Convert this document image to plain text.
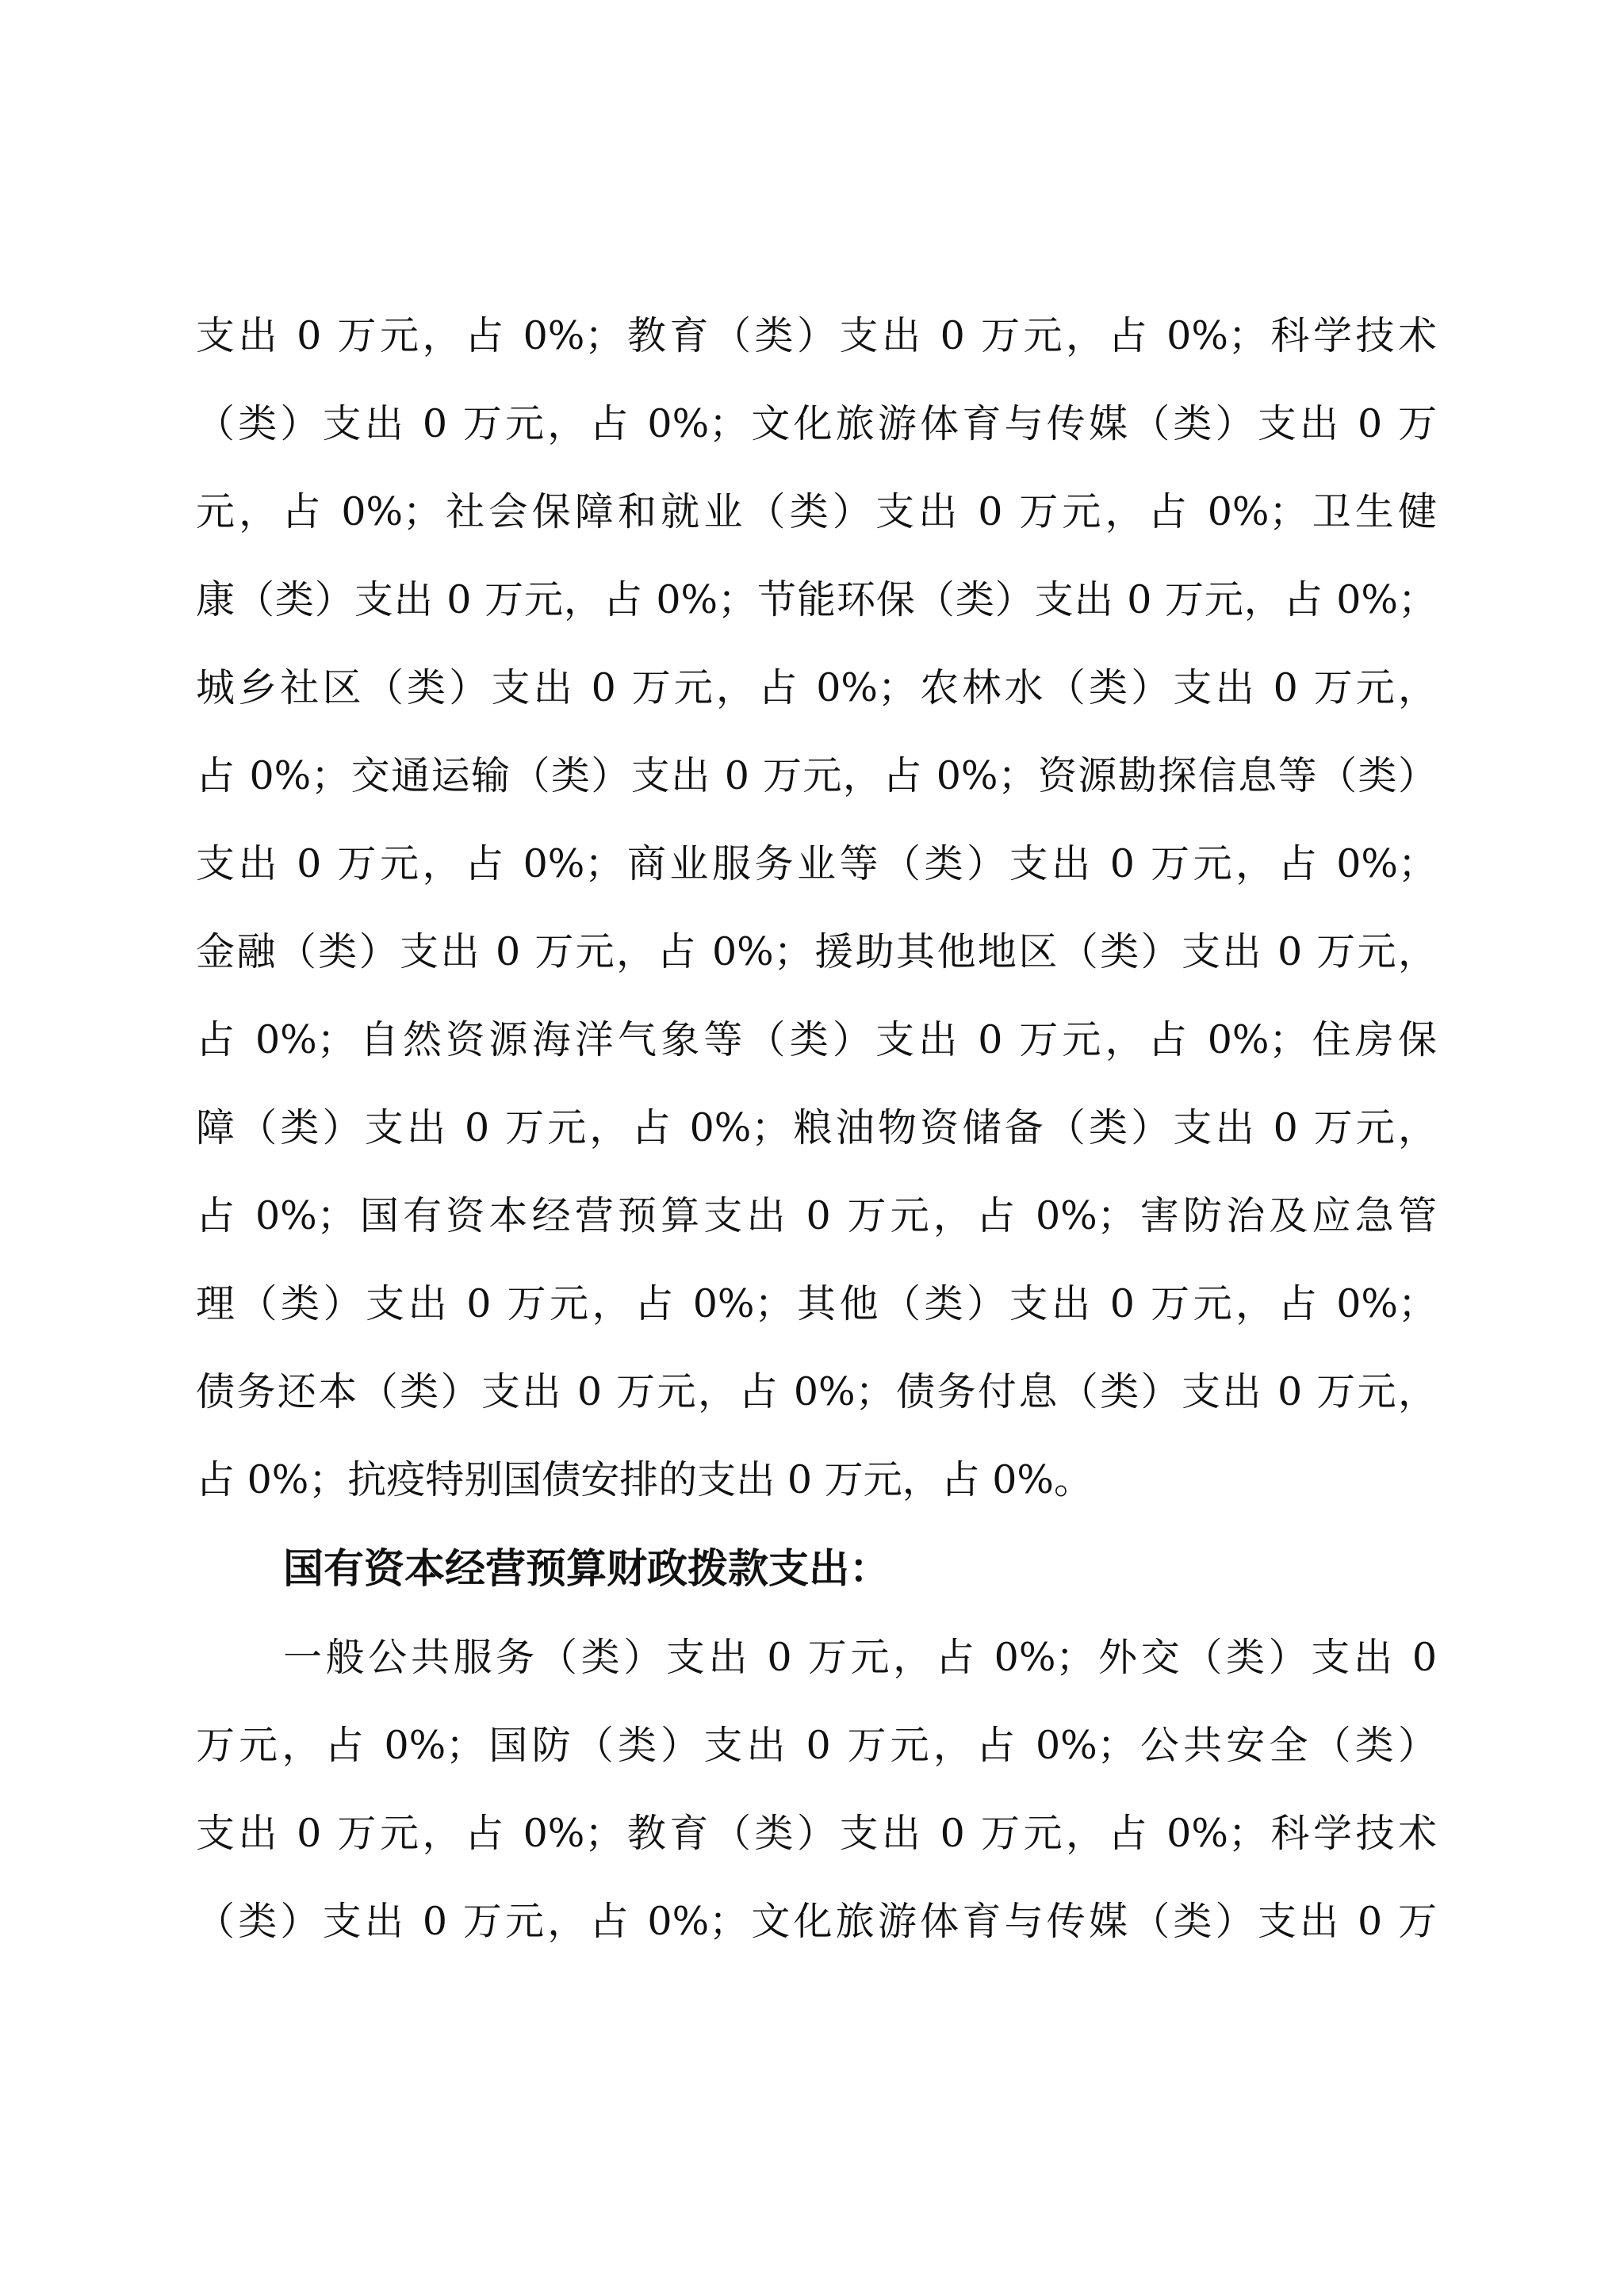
支出 0 万元，占 0%；教育（类）支出 0 万元，占 0%；科学技术
（类）支出 0 万元，占 0%；文化旅游体育与传媒（类）支出 0 万
元，占 0%；社会保障和就业（类）支出 0 万元，占 0%；卫生健
康（类）支出 0 万元，占 0%；节能环保（类）支出 0 万元，占 0%；
城乡社区（类）支出 0 万元，占 0%；农林水（类）支出 0 万元，
占 0%；交通运输（类）支出 0 万元，占 0%；资源勘探信息等（类）
支出 0 万元，占 0%；商业服务业等（类）支出 0 万元，占 0%；
金融（类）支出 0 万元，占 0%；援助其他地区（类）支出 0 万元，
占 0%；自然资源海洋气象等（类）支出 0 万元，占 0%；住房保
障（类）支出 0 万元，占 0%；粮油物资储备（类）支出 0 万元，
占 0%；国有资本经营预算支出 0 万元，占 0%；害防治及应急管
理（类）支出 0 万元，占 0%；其他（类）支出 0 万元，占 0%；
债务还本（类）支出 0 万元，占 0%；债务付息（类）支出 0 万元，
占 0%；抗疫特别国债安排的支出 0 万元，占 0%。
国有资本经营预算财政拨款支出：
一般公共服务（类）支出 0 万元，占 0%；外交（类）支出 0
万元，占 0%；国防（类）支出 0 万元，占 0%；公共安全（类）
支出 0 万元，占 0%；教育（类）支出 0 万元，占 0%；科学技术
（类）支出 0 万元，占 0%；文化旅游体育与传媒（类）支出 0 万
